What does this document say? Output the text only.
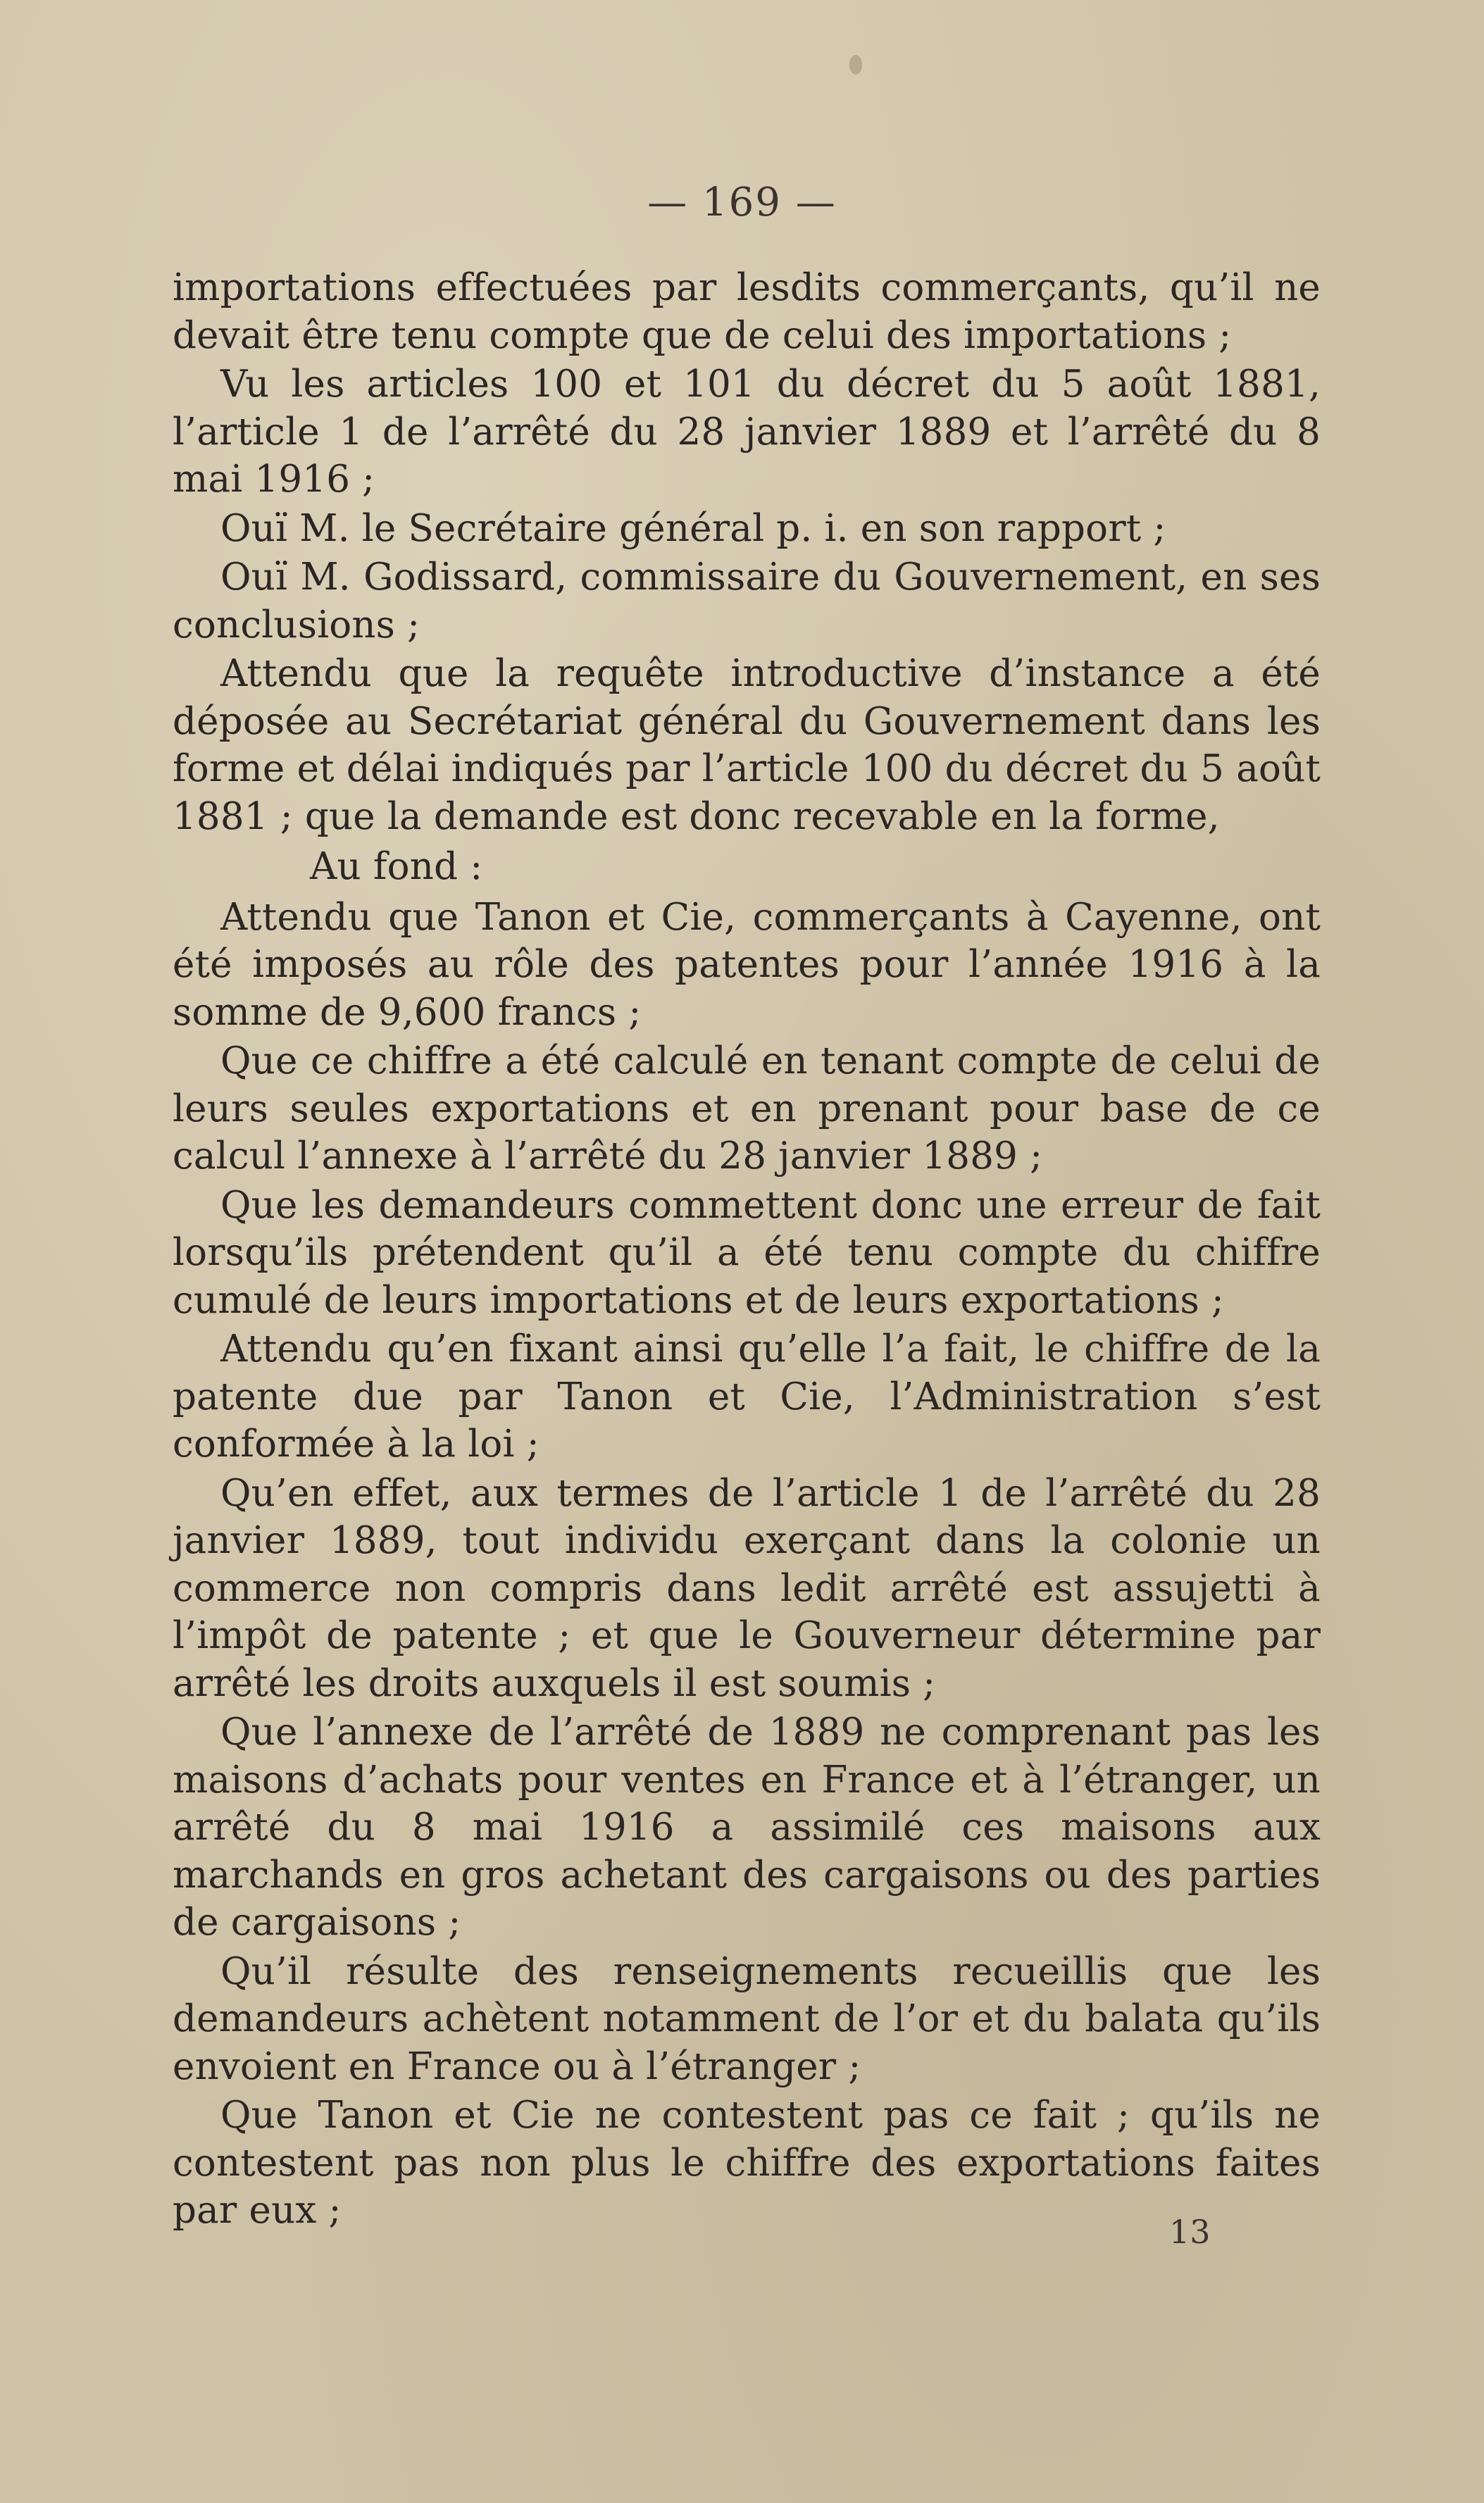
— 169 —

importations effectuées par lesdits commerçants, qu’il ne devait être tenu compte que de celui des importations ;

Vu les articles 100 et 101 du décret du 5 août 1881, l’article 1 de l’arrêté du 28 janvier 1889 et l’arrêté du 8 mai 1916 ;

Ouï M. le Secrétaire général p. i. en son rapport ;

Ouï M. Godissard, commissaire du Gouvernement, en ses conclusions ;

Attendu que la requête introductive d’instance a été déposée au Secrétariat général du Gouvernement dans les forme et délai indiqués par l’article 100 du décret du 5 août 1881 ; que la demande est donc recevable en la forme,

Au fond :

Attendu que Tanon et Cie, commerçants à Cayenne, ont été imposés au rôle des patentes pour l’année 1916 à la somme de 9,600 francs ;

Que ce chiffre a été calculé en tenant compte de celui de leurs seules exportations et en prenant pour base de ce calcul l’annexe à l’arrêté du 28 janvier 1889 ;

Que les demandeurs commettent donc une erreur de fait lorsqu’ils prétendent qu’il a été tenu compte du chiffre cumulé de leurs importations et de leurs exportations ;

Attendu qu’en fixant ainsi qu’elle l’a fait, le chiffre de la patente due par Tanon et Cie, l’Administration s’est conformée à la loi ;

Qu’en effet, aux termes de l’article 1 de l’arrêté du 28 janvier 1889, tout individu exerçant dans la colonie un commerce non compris dans ledit arrêté est assujetti à l’impôt de patente ; et que le Gouverneur détermine par arrêté les droits auxquels il est soumis ;

Que l’annexe de l’arrêté de 1889 ne comprenant pas les maisons d’achats pour ventes en France et à l’étranger, un arrêté du 8 mai 1916 a assimilé ces maisons aux marchands en gros achetant des cargaisons ou des parties de cargaisons ;

Qu’il résulte des renseignements recueillis que les demandeurs achètent notamment de l’or et du balata qu’ils envoient en France ou à l’étranger ;

Que Tanon et Cie ne contestent pas ce fait ; qu’ils ne contestent pas non plus le chiffre des exportations faites par eux ;	13
